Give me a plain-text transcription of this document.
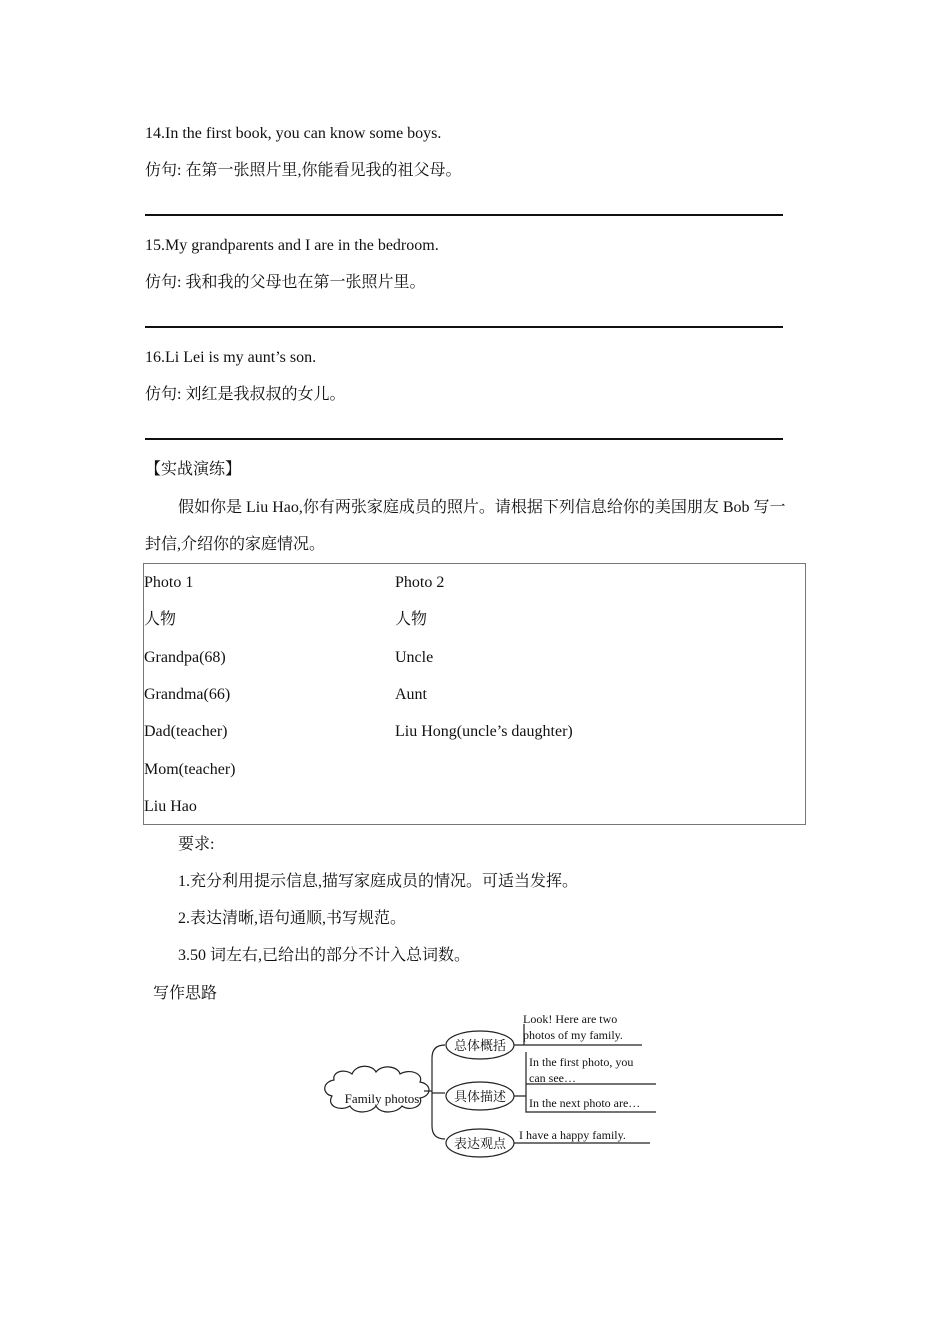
14.In the first book, you can know some boys.
仿句: 在第一张照片里,你能看见我的祖父母。
15.My grandparents and I are in the bedroom.
仿句: 我和我的父母也在第一张照片里。
16.Li Lei is my aunt’s son.
仿句: 刘红是我叔叔的女儿。
【实战演练】
假如你是 Liu Hao,你有两张家庭成员的照片。请根据下列信息给你的美国朋友 Bob 写一
封信,介绍你的家庭情况。
Photo 1
人物
Grandpa(68)
Grandma(66)
Dad(teacher)
Mom(teacher)
Liu Hao
Photo 2
人物
Uncle
Aunt
Liu Hong(uncle’s daughter)
要求:
1.充分利用提示信息,描写家庭成员的情况。可适当发挥。
2.表达清晰,语句通顺,书写规范。
3.50 词左右,已给出的部分不计入总词数。
写作思路
Family photos
总体概括
具体描述
表达观点
Look! Here are two
photos of my family.
In the first photo, you
can see…
In the next photo are…
I have a happy family.
